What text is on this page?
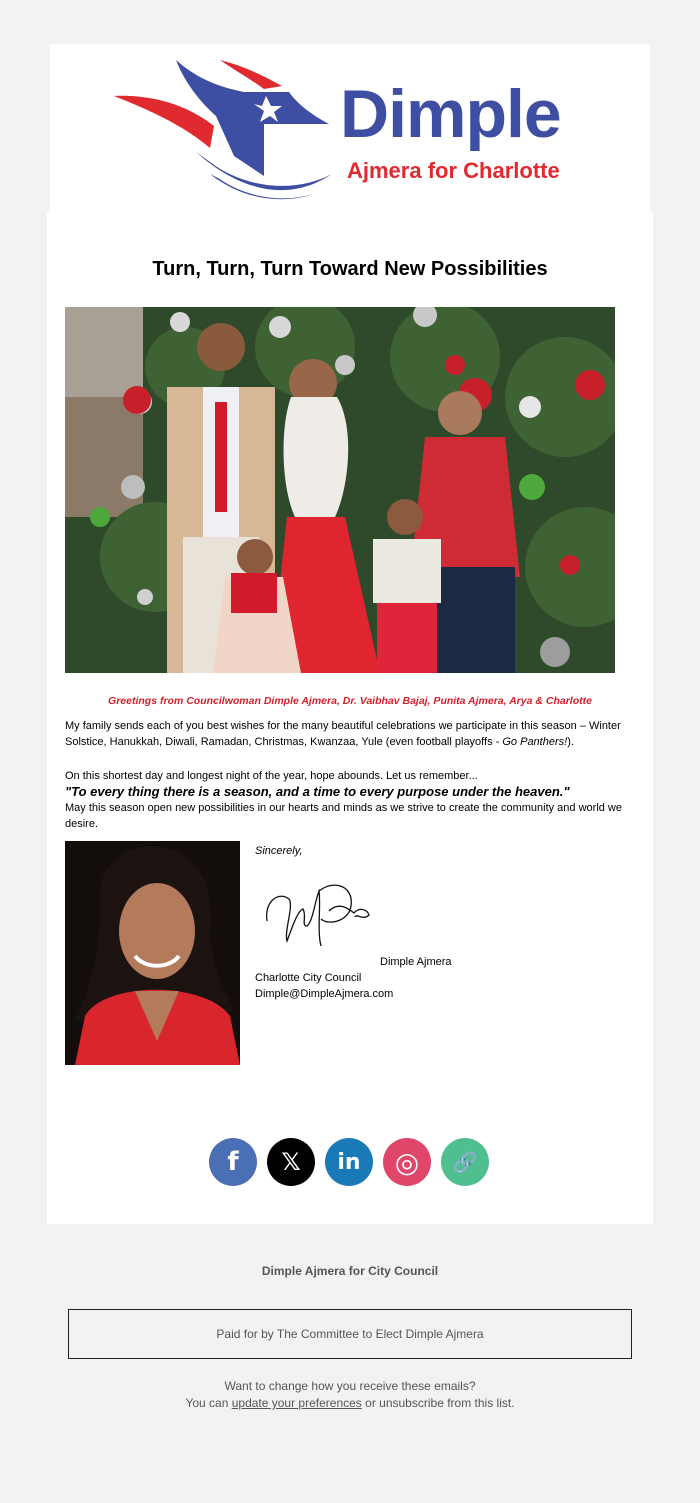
Dimple
Ajmera for Charlotte
Turn, Turn, Turn Toward New Possibilities
Greetings from Councilwoman Dimple Ajmera, Dr. Vaibhav Bajaj, Punita Ajmera, Arya & Charlotte
My family sends each of you best wishes for the many beautiful celebrations we participate in this season – Winter Solstice, Hanukkah, Diwali, Ramadan, Christmas, Kwanzaa, Yule (even football playoffs - Go Panthers!).
On this shortest day and longest night of the year, hope abounds. Let us remember...
"To every thing there is a season, and a time to every purpose under the heaven."
May this season open new possibilities in our hearts and minds as we strive to create the community and world we desire.
Sincerely,
Dimple Ajmera
Charlotte City Council
Dimple@DimpleAjmera.com
f	𝕏	in	◎	🔗
Dimple Ajmera for City Council
Paid for by The Committee to Elect Dimple Ajmera
Want to change how you receive these emails?
You can update your preferences or unsubscribe from this list.
